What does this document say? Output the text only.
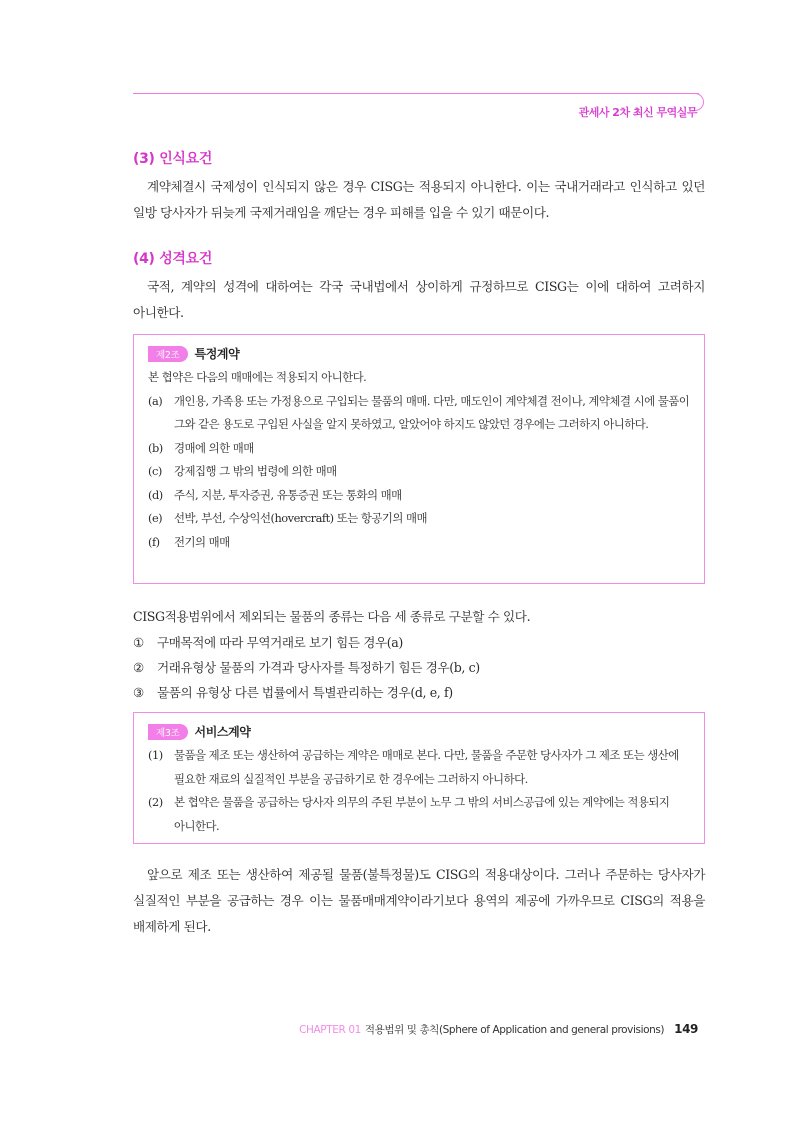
관세사 2차 최신 무역실무
(3) 인식요건
계약체결시 국제성이 인식되지 않은 경우 CISG는 적용되지 아니한다. 이는 국내거래라고 인식하고 있던 일방 당사자가 뒤늦게 국제거래임을 깨닫는 경우 피해를 입을 수 있기 때문이다.
(4) 성격요건
국적, 계약의 성격에 대하여는 각국 국내법에서 상이하게 규정하므로 CISG는 이에 대하여 고려하지 아니한다.
제2조	특정계약
본 협약은 다음의 매매에는 적용되지 아니한다.
(a)	개인용, 가족용 또는 가정용으로 구입되는 물품의 매매. 다만, 매도인이 계약체결 전이나, 계약체결 시에 물품이 그와 같은 용도로 구입된 사실을 알지 못하였고, 알았어야 하지도 않았던 경우에는 그러하지 아니하다.
(b) 경매에 의한 매매
(c)	강제집행 그 밖의 법령에 의한 매매
(d) 주식, 지분, 투자증권, 유통증권 또는 통화의 매매
(e)	선박, 부선, 수상익선(hovercraft) 또는 항공기의 매매
(f)	전기의 매매
CISG적용범위에서 제외되는 물품의 종류는 다음 세 종류로 구분할 수 있다.
① 구매목적에 따라 무역거래로 보기 힘든 경우(a)
② 거래유형상 물품의 가격과 당사자를 특정하기 힘든 경우(b, c)
③ 물품의 유형상 다른 법률에서 특별관리하는 경우(d, e, f)
제3조	서비스계약
(1) 물품을 제조 또는 생산하여 공급하는 계약은 매매로 본다. 다만, 물품을 주문한 당사자가 그 제조 또는 생산에 필요한 재료의 실질적인 부분을 공급하기로 한 경우에는 그러하지 아니하다.
(2) 본 협약은 물품을 공급하는 당사자 의무의 주된 부분이 노무 그 밖의 서비스공급에 있는 계약에는 적용되지 아니한다.
앞으로 제조 또는 생산하여 제공될 물품(불특정물)도 CISG의 적용대상이다. 그러나 주문하는 당사자가 실질적인 부분을 공급하는 경우 이는 물품매매계약이라기보다 용역의 제공에 가까우므로 CISG의 적용을 배제하게 된다.
CHAPTER 01 적용범위 및 총칙(Sphere of Application and general provisions) 149
